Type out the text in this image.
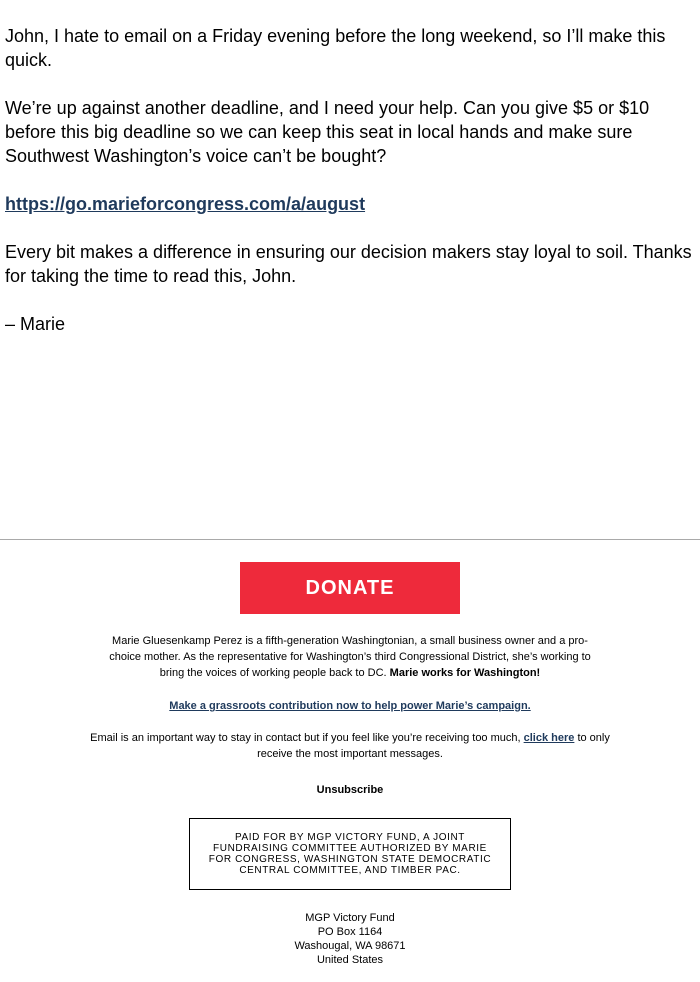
John, I hate to email on a Friday evening before the long weekend, so I’ll make this quick.

We’re up against another deadline, and I need your help. Can you give $5 or $10 before this big deadline so we can keep this seat in local hands and make sure Southwest Washington’s voice can’t be bought?

https://go.marieforcongress.com/a/august

Every bit makes a difference in ensuring our decision makers stay loyal to soil. Thanks for taking the time to read this, John.

– Marie

DONATE
Marie Gluesenkamp Perez is a fifth-generation Washingtonian, a small business owner and a pro-choice mother. As the representative for Washington’s third Congressional District, she’s working to bring the voices of working people back to DC. Marie works for Washington!
Make a grassroots contribution now to help power Marie’s campaign.
Email is an important way to stay in contact but if you feel like you’re receiving too much, click here to only receive the most important messages.
Unsubscribe
PAID FOR BY MGP VICTORY FUND, A JOINT FUNDRAISING COMMITTEE AUTHORIZED BY MARIE FOR CONGRESS, WASHINGTON STATE DEMOCRATIC CENTRAL COMMITTEE, AND TIMBER PAC.
MGP Victory Fund
PO Box 1164
Washougal, WA 98671
United States
